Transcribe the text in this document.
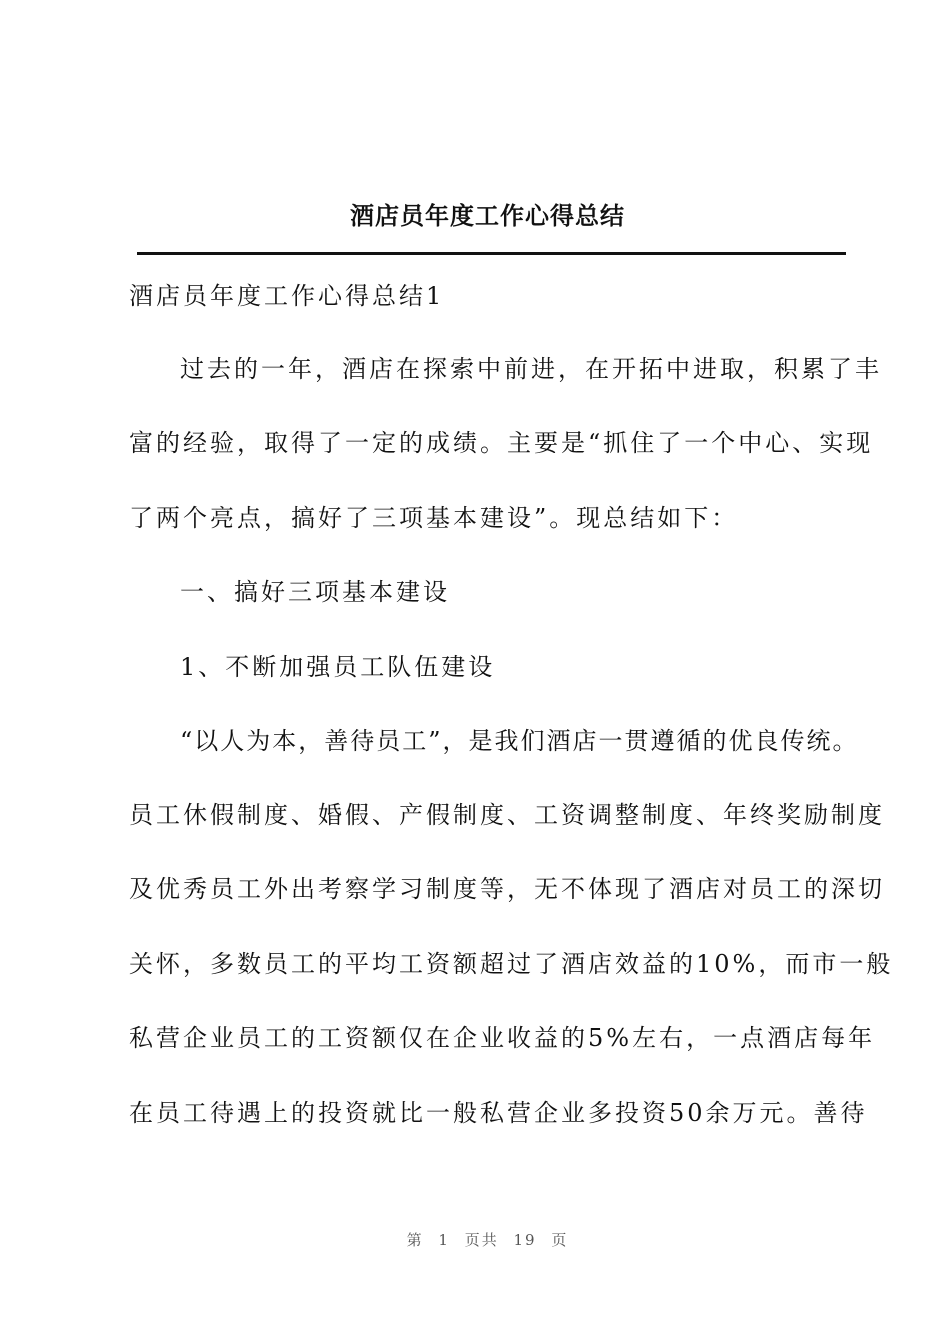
酒店员年度工作心得总结
酒店员年度工作心得总结1
过去的一年，酒店在探索中前进，在开拓中进取，积累了丰
富的经验，取得了一定的成绩。主要是“抓住了一个中心、实现
了两个亮点，搞好了三项基本建设”。现总结如下：
一、搞好三项基本建设
1、不断加强员工队伍建设
“以人为本，善待员工”，是我们酒店一贯遵循的优良传统。
员工休假制度、婚假、产假制度、工资调整制度、年终奖励制度
及优秀员工外出考察学习制度等，无不体现了酒店对员工的深切
关怀，多数员工的平均工资额超过了酒店效益的10%，而市一般
私营企业员工的工资额仅在企业收益的5%左右，一点酒店每年
在员工待遇上的投资就比一般私营企业多投资50余万元。善待
第 1 页共 19 页
